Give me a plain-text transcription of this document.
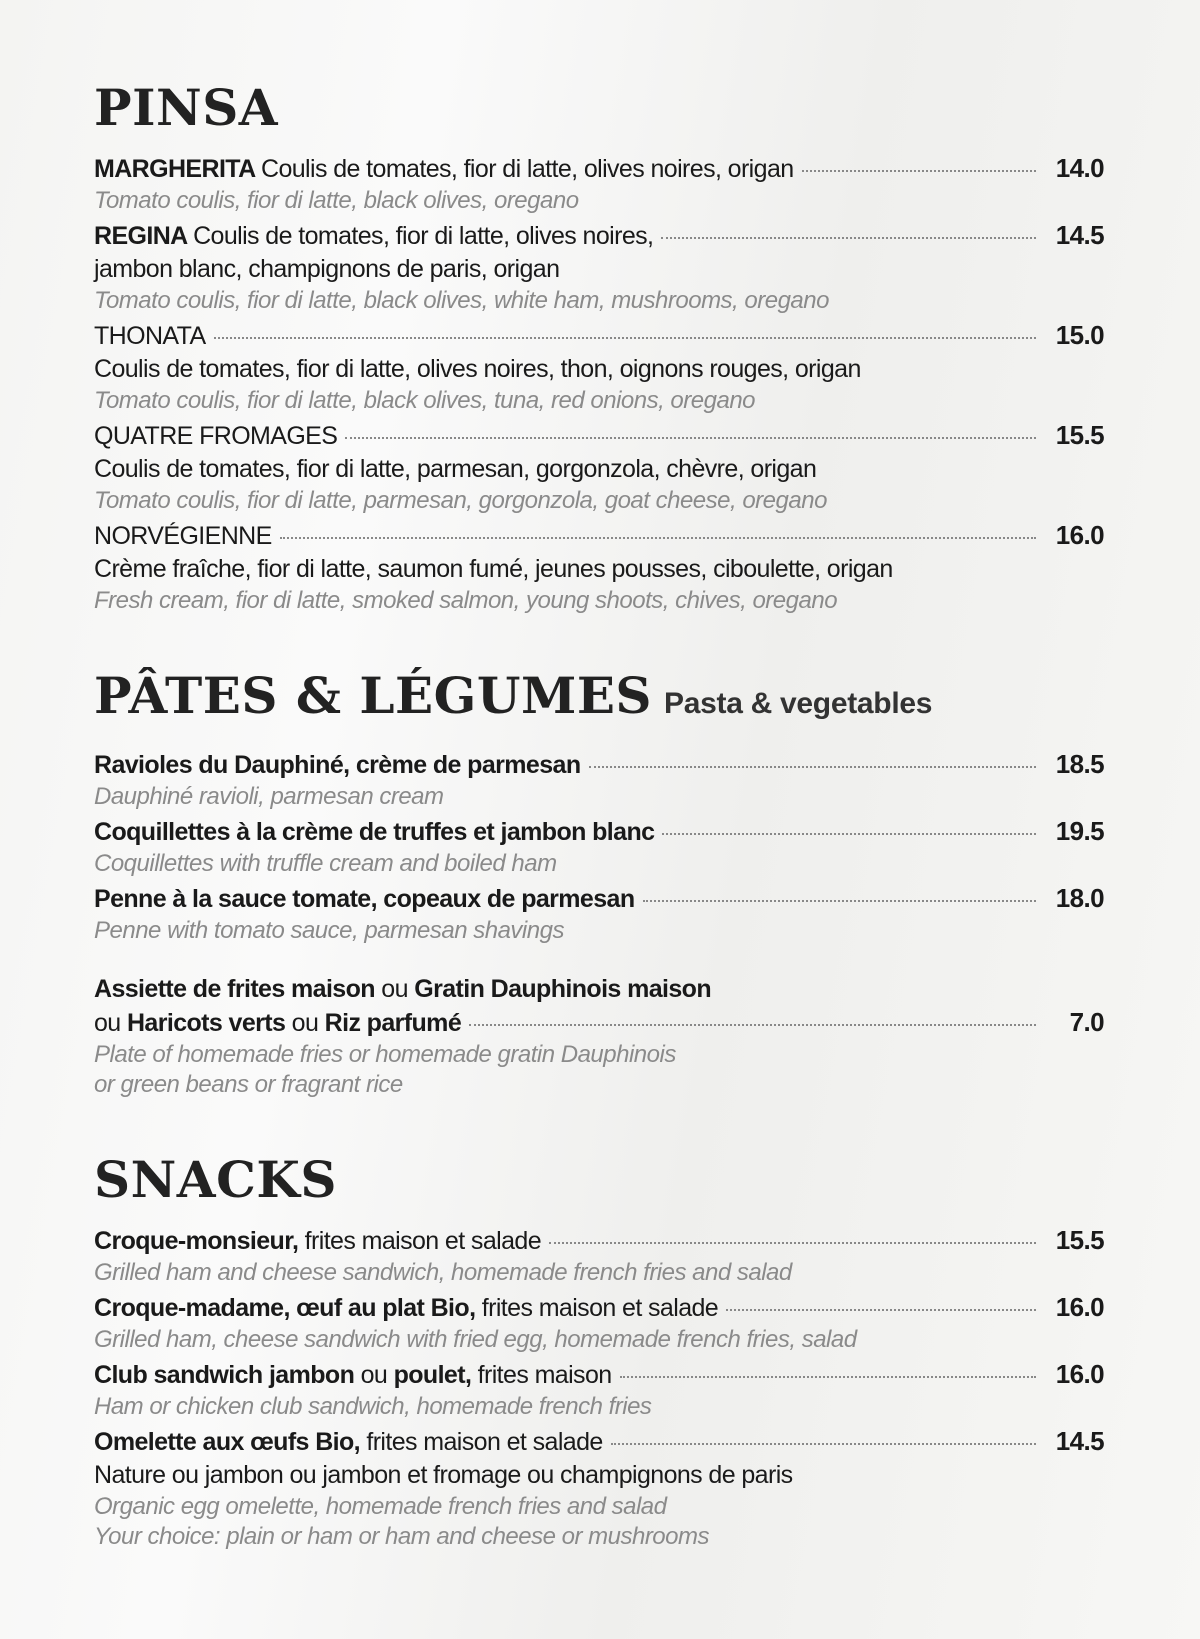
PINSA
MARGHERITA Coulis de tomates, fior di latte, olives noires, origan	14.0
Tomato coulis, fior di latte, black olives, oregano
REGINA Coulis de tomates, fior di latte, olives noires,	14.5
jambon blanc, champignons de paris, origan
Tomato coulis, fior di latte, black olives, white ham, mushrooms, oregano
THONATA	15.0
Coulis de tomates, fior di latte, olives noires, thon, oignons rouges, origan
Tomato coulis, fior di latte, black olives, tuna, red onions, oregano
QUATRE FROMAGES	15.5
Coulis de tomates, fior di latte, parmesan, gorgonzola, chèvre, origan
Tomato coulis, fior di latte, parmesan, gorgonzola, goat cheese, oregano
NORVÉGIENNE	16.0
Crème fraîche, fior di latte, saumon fumé, jeunes pousses, ciboulette, origan
Fresh cream, fior di latte, smoked salmon, young shoots, chives, oregano
PÂTES & LÉGUMES Pasta & vegetables
Ravioles du Dauphiné, crème de parmesan	18.5
Dauphiné ravioli, parmesan cream
Coquillettes à la crème de truffes et jambon blanc	19.5
Coquillettes with truffle cream and boiled ham
Penne à la sauce tomate, copeaux de parmesan	18.0
Penne with tomato sauce, parmesan shavings
Assiette de frites maison ou Gratin Dauphinois maison
ou Haricots verts ou Riz parfumé	7.0
Plate of homemade fries or homemade gratin Dauphinois
or green beans or fragrant rice
SNACKS
Croque-monsieur, frites maison et salade	15.5
Grilled ham and cheese sandwich, homemade french fries and salad
Croque-madame, œuf au plat Bio, frites maison et salade	16.0
Grilled ham, cheese sandwich with fried egg, homemade french fries, salad
Club sandwich jambon ou poulet, frites maison	16.0
Ham or chicken club sandwich, homemade french fries
Omelette aux œufs Bio, frites maison et salade	14.5
Nature ou jambon ou jambon et fromage ou champignons de paris
Organic egg omelette, homemade french fries and salad
Your choice: plain or ham or ham and cheese or mushrooms
